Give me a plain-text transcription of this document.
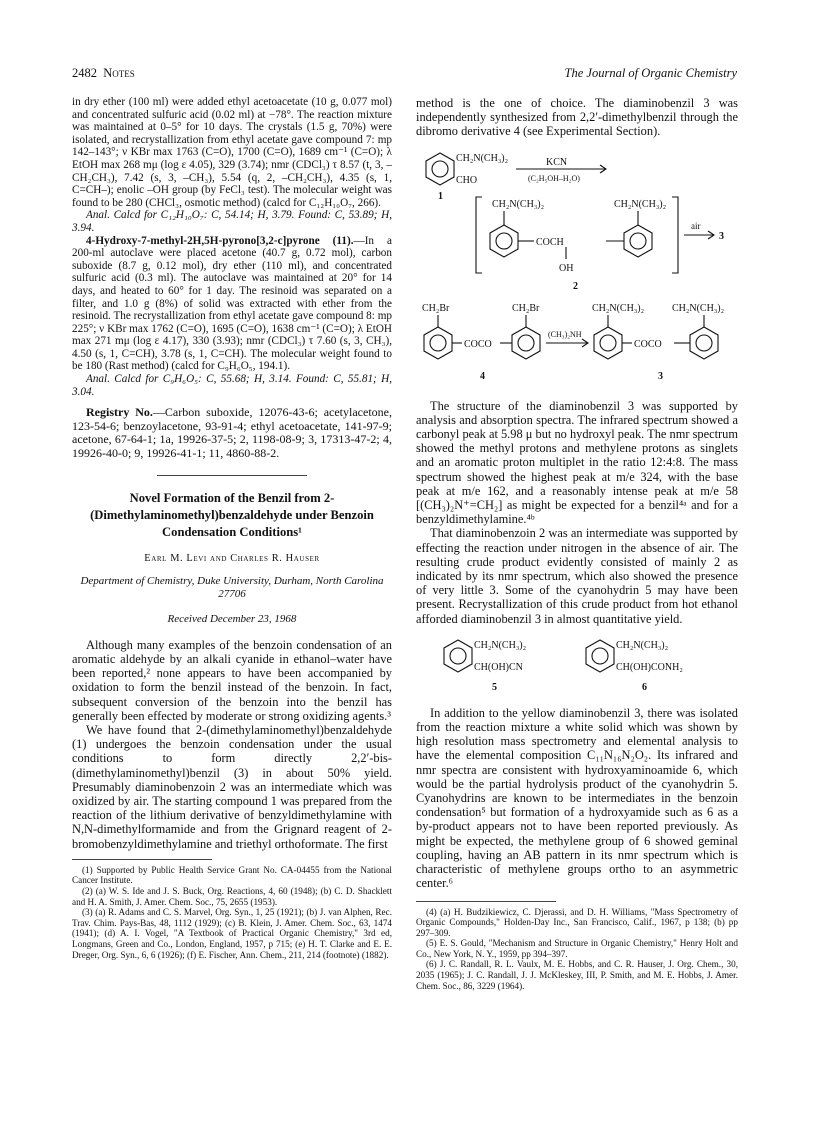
2482 Notes	The Journal of Organic Chemistry

in dry ether (100 ml) were added ethyl acetoacetate (10 g, 0.077 mol) and concentrated sulfuric acid (0.02 ml) at −78°. The reaction mixture was maintained at 0–5° for 10 days. The crystals (1.5 g, 70%) were isolated, and recrystallization from ethyl acetate gave compound 7: mp 142–143°; ν KBr max 1763 (C=O), 1700 (C=O), 1689 cm⁻¹ (C=O); λ EtOH max 268 mμ (log ε 4.05), 329 (3.74); nmr (CDCl₃) τ 8.57 (t, 3, –CH₂CH₃), 7.42 (s, 3, –CH₃), 5.54 (q, 2, –CH₂CH₃), 4.35 (s, 1, C=CH–); enolic –OH group (by FeCl₃ test). The molecular weight was found to be 280 (CHCl₃, osmotic method) (calcd for C₁₂H₁₀O₇, 266).

Anal. Calcd for C₁₂H₁₀O₇: C, 54.14; H, 3.79. Found: C, 53.89; H, 3.94.

4-Hydroxy-7-methyl-2H,5H-pyrono[3,2-c]pyrone (11).—In a 200-ml autoclave were placed acetone (40.7 g, 0.72 mol), carbon suboxide (8.7 g, 0.12 mol), dry ether (110 ml), and concentrated sulfuric acid (0.3 ml). The autoclave was maintained at 20° for 14 days, and heated to 60° for 1 day. The resinoid was separated on a filter, and 1.0 g (8%) of solid was extracted with ether from the resinoid. The recrystallization from ethyl acetate gave compound 8: mp 225°; ν KBr max 1762 (C=O), 1695 (C=O), 1638 cm⁻¹ (C=O); λ EtOH max 271 mμ (log ε 4.17), 330 (3.93); nmr (CDCl₃) τ 7.60 (s, 3, CH₃), 4.50 (s, 1, C=CH), 3.78 (s, 1, C=CH). The molecular weight found to be 180 (Rast method) (calcd for C₉H₆O₅, 194.1).

Anal. Calcd for C₉H₆O₅: C, 55.68; H, 3.14. Found: C, 55.81; H, 3.04.

Registry No.—Carbon suboxide, 12076-43-6; acetylacetone, 123-54-6; benzoylacetone, 93-91-4; ethyl acetoacetate, 141-97-9; acetone, 67-64-1; 1a, 19926-37-5; 2, 1198-08-9; 3, 17313-47-2; 4, 19926-40-0; 9, 19926-41-1; 11, 4860-88-2.

Novel Formation of the Benzil from 2-(Dimethylaminomethyl)benzaldehyde under Benzoin Condensation Conditions¹
Earl M. Levi and Charles R. Hauser
Department of Chemistry, Duke University, Durham, North Carolina 27706
Received December 23, 1968

Although many examples of the benzoin condensation of an aromatic aldehyde by an alkali cyanide in ethanol–water have been reported,² none appears to have been accompanied by oxidation to form the benzil instead of the benzoin. In fact, subsequent conversion of the benzoin into the benzil has generally been effected by moderate or strong oxidizing agents.³

We have found that 2-(dimethylaminomethyl)benzaldehyde (1) undergoes the benzoin condensation under the usual conditions to form directly 2,2′-bis-(dimethylaminomethyl)benzil (3) in about 50% yield. Presumably diaminobenzoin 2 was an intermediate which was oxidized by air. The starting compound 1 was prepared from the reaction of the lithium derivative of benzyldimethylamine with N,N-dimethylformamide and from the Grignard reagent of 2-bromobenzyldimethylamine and triethyl orthoformate. The first

(1) Supported by Public Health Service Grant No. CA-04455 from the National Cancer Institute.

(2) (a) W. S. Ide and J. S. Buck, Org. Reactions, 4, 60 (1948); (b) C. D. Shacklett and H. A. Smith, J. Amer. Chem. Soc., 75, 2655 (1953).

(3) (a) R. Adams and C. S. Marvel, Org. Syn., 1, 25 (1921); (b) J. van Alphen, Rec. Trav. Chim. Pays-Bas, 48, 1112 (1929); (c) B. Klein, J. Amer. Chem. Soc., 63, 1474 (1941); (d) A. I. Vogel, "A Textbook of Practical Organic Chemistry," 3rd ed, Longmans, Green and Co., London, England, 1957, p 715; (e) H. T. Clarke and E. E. Dreger, Org. Syn., 6, 6 (1926); (f) E. Fischer, Ann. Chem., 211, 214 (footnote) (1882).

method is the one of choice. The diaminobenzil 3 was independently synthesized from 2,2′-dimethylbenzil through the dibromo derivative 4 (see Experimental Section).

CH₂N(CH₃)₂
CHO
KCN
(C₂H₅OH–H₂O)
1
CH₂N(CH₃)₂	CH₂N(CH₃)₂
COCH
OH
air
3
2
CH₂Br	CH₂Br
COCO
(CH₃)₂NH
4
CH₂N(CH₃)₂	CH₂N(CH₃)₂
COCO
3

The structure of the diaminobenzil 3 was supported by analysis and absorption spectra. The infrared spectrum showed a carbonyl peak at 5.98 μ but no hydroxyl peak. The nmr spectrum showed the methyl protons and methylene protons as singlets and an aromatic proton multiplet in the ratio 12:4:8. The mass spectrum showed the highest peak at m/e 324, with the base peak at m/e 162, and a reasonably intense peak at m/e 58 [(CH₃)₂N⁺=CH₂] as might be expected for a benzil⁴ᵃ and for a benzyldimethylamine.⁴ᵇ

That diaminobenzoin 2 was an intermediate was supported by effecting the reaction under nitrogen in the absence of air. The resulting crude product evidently consisted of mainly 2 as indicated by its nmr spectrum, which also showed the presence of very little 3. Some of the cyanohydrin 5 may have been present. Recrystallization of this crude product from hot ethanol afforded diaminobenzil 3 in almost quantitative yield.

CH₂N(CH₃)₂
CH(OH)CN
5
CH₂N(CH₃)₂
CH(OH)CONH₂
6

In addition to the yellow diaminobenzil 3, there was isolated from the reaction mixture a white solid which was shown by high resolution mass spectrometry and elemental analysis to have the elemental composition C₁₁N₁₆N₂O₂. Its infrared and nmr spectra are consistent with hydroxyaminoamide 6, which would be the partial hydrolysis product of the cyanohydrin 5. Cyanohydrins are known to be intermediates in the benzoin condensation⁵ but formation of a hydroxyamide such as 6 as a by-product appears not to have been reported previously. As might be expected, the methylene group of 6 showed geminal coupling, having an AB pattern in its nmr spectrum which is characteristic of methylene groups ortho to an asymmetric center.⁶

(4) (a) H. Budzikiewicz, C. Djerassi, and D. H. Williams, "Mass Spectrometry of Organic Compounds," Holden-Day Inc., San Francisco, Calif., 1967, p 138; (b) pp 297–309.

(5) E. S. Gould, "Mechanism and Structure in Organic Chemistry," Henry Holt and Co., New York, N. Y., 1959, pp 394–397.

(6) J. C. Randall, R. L. Vaulx, M. E. Hobbs, and C. R. Hauser, J. Org. Chem., 30, 2035 (1965); J. C. Randall, J. J. McKleskey, III, P. Smith, and M. E. Hobbs, J. Amer. Chem. Soc., 86, 3229 (1964).
